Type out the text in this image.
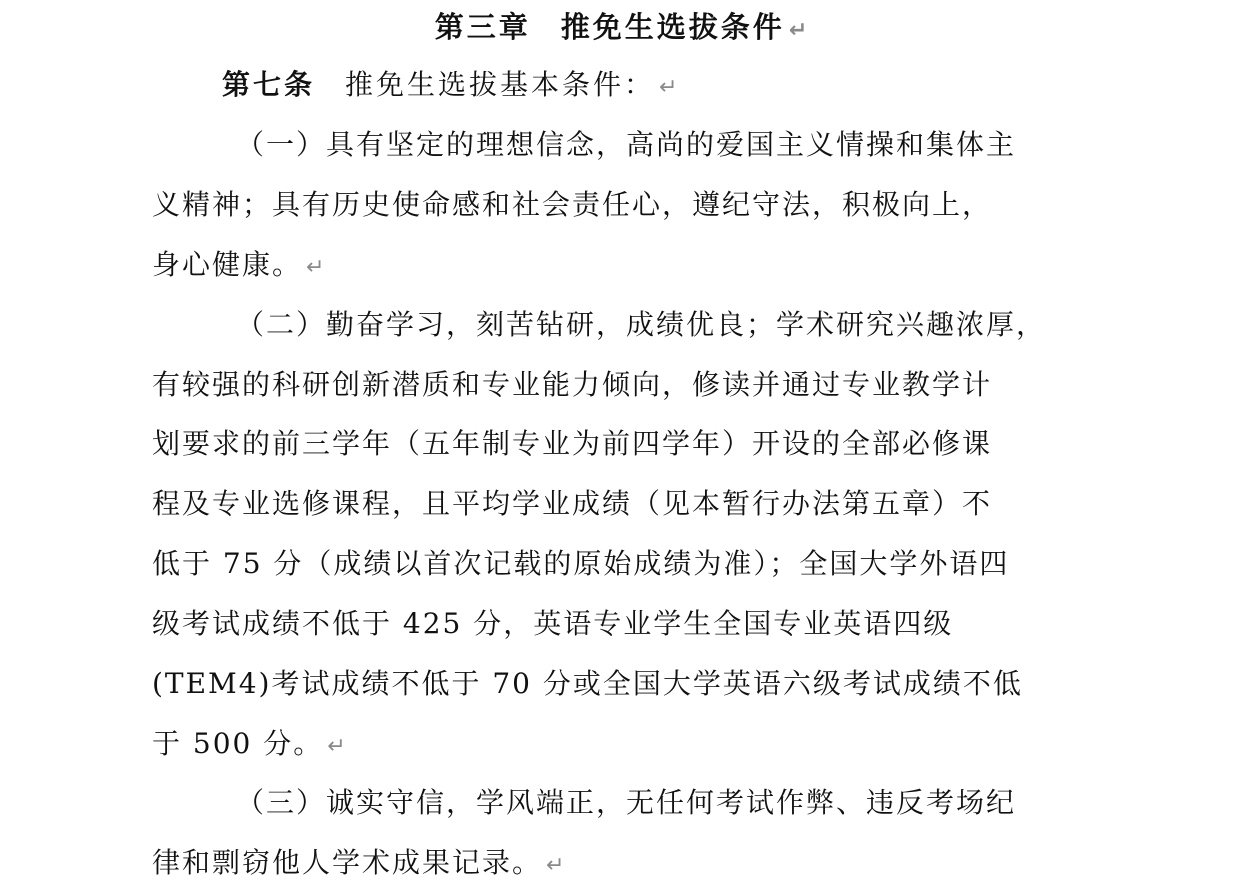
第三章 推免生选拔条件 ↵
第七条 推免生选拔基本条件： ↵
（一）具有坚定的理想信念，高尚的爱国主义情操和集体主
义精神；具有历史使命感和社会责任心，遵纪守法，积极向上，
身心健康。 ↵
（二）勤奋学习，刻苦钻研，成绩优良；学术研究兴趣浓厚，
有较强的科研创新潜质和专业能力倾向，修读并通过专业教学计
划要求的前三学年（五年制专业为前四学年）开设的全部必修课
程及专业选修课程，且平均学业成绩（见本暂行办法第五章）不
低于 75 分（成绩以首次记载的原始成绩为准）；全国大学外语四
级考试成绩不低于 425 分，英语专业学生全国专业英语四级
(TEM4)考试成绩不低于 70 分或全国大学英语六级考试成绩不低
于 500 分。 ↵
（三）诚实守信，学风端正，无任何考试作弊、违反考场纪
律和剽窃他人学术成果记录。 ↵
